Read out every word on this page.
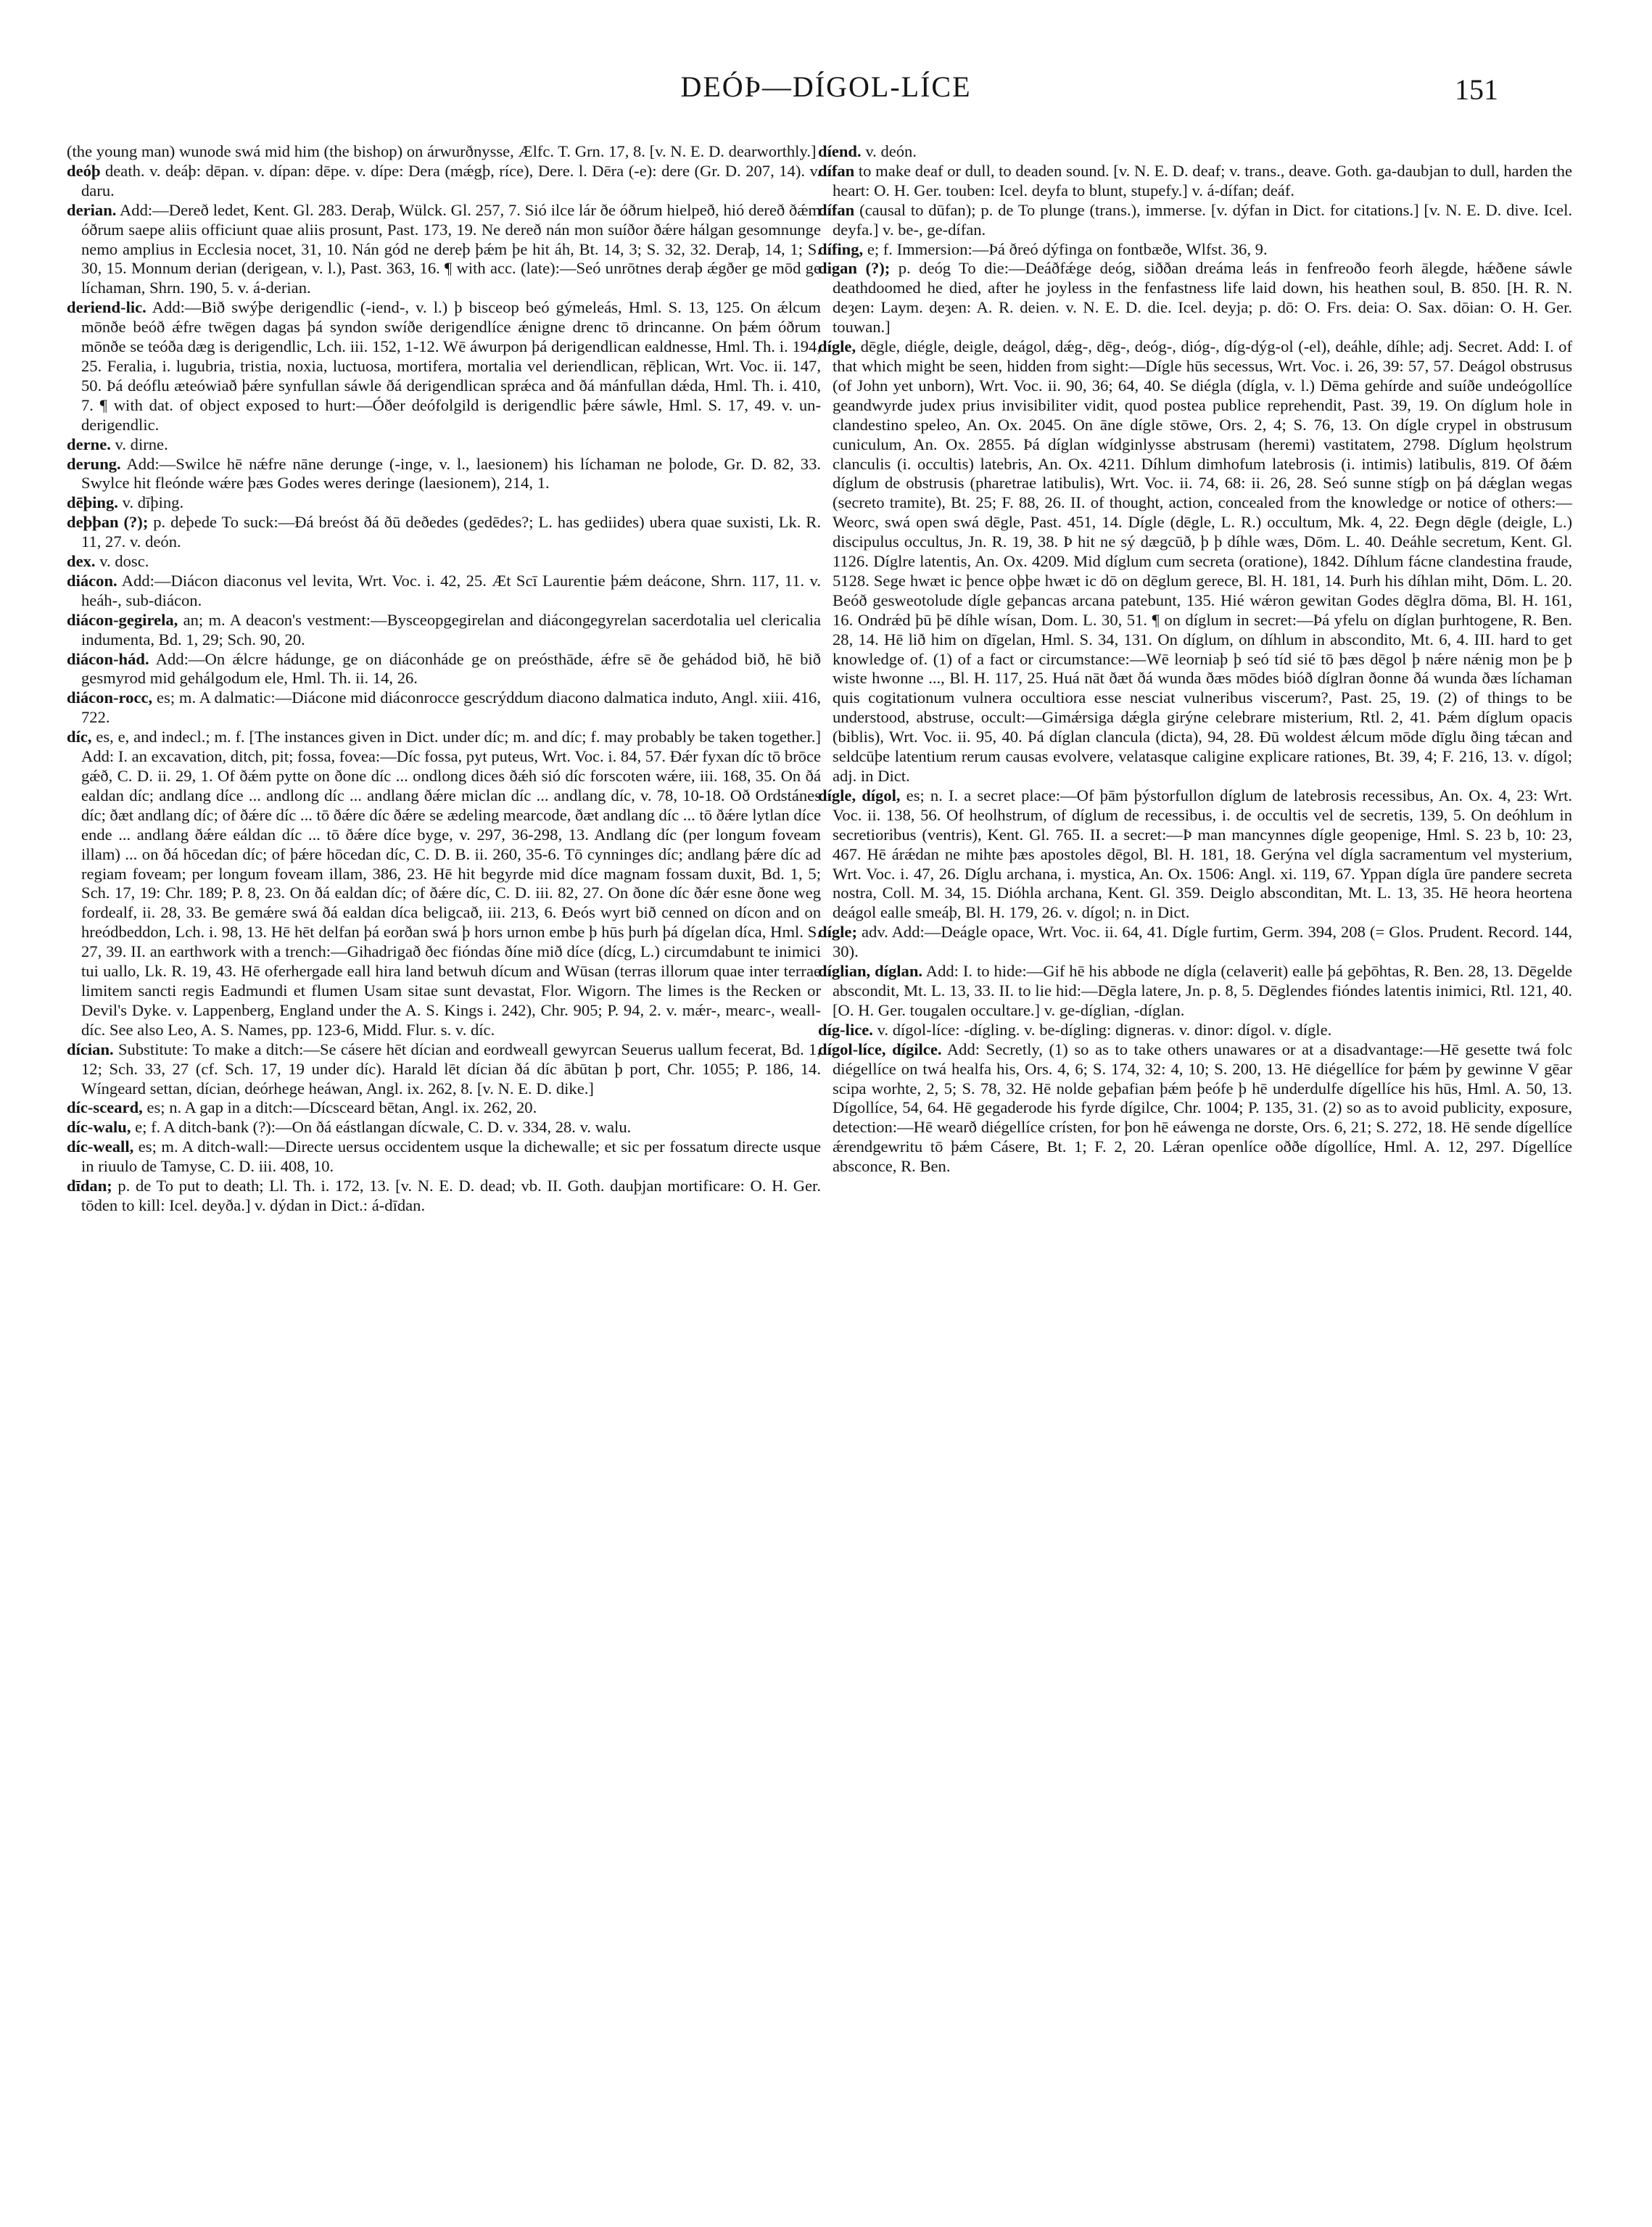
DEÓÞ—DÍGOL-LÍCE	151

(the young man) wunode swá mid him (the bishop) on árwurðnysse, Ælfc. T. Grn. 17, 8. [v. N. E. D. dearworthly.]

deóþ death. v. deáþ: dēpan. v. dípan: dēpe. v. dípe: Dera (mǽgþ, ríce), Dere. l. Dēra (-e): dere (Gr. D. 207, 14). v. daru.

derian. Add:—Dereð ledet, Kent. Gl. 283. Deraþ, Wülck. Gl. 257, 7. Sió ilce lár ðe óðrum hielpeð, hió dereð ðǽm óðrum saepe aliis officiunt quae aliis prosunt, Past. 173, 19. Ne dereð nán mon suíðor ðǽre hálgan gesomnunge nemo amplius in Ecclesia nocet, 31, 10. Nán gód ne dereþ þǽm þe hit áh, Bt. 14, 3; S. 32, 32. Deraþ, 14, 1; S. 30, 15. Monnum derian (derigean, v. l.), Past. 363, 16. ¶ with acc. (late):—Seó unrōtnes deraþ ǽgðer ge mōd ge líchaman, Shrn. 190, 5. v. á-derian.

deriend-lic. Add:—Bið swýþe derigendlic (-iend-, v. l.) þ bisceop beó gýmeleás, Hml. S. 13, 125. On ǽlcum mōnðe beóð ǽfre twēgen dagas þá syndon swíðe derigendlíce ǽnigne drenc tō drincanne. On þǽm óðrum mōnðe se teóða dæg is derigendlic, Lch. iii. 152, 1-12. Wē áwurpon þá derigendlican ealdnesse, Hml. Th. i. 194, 25. Feralia, i. lugubria, tristia, noxia, luctuosa, mortifera, mortalia vel deriendlican, rēþlican, Wrt. Voc. ii. 147, 50. Þá deóflu æteówiað þǽre synfullan sáwle ðá derigendlican sprǽca and ðá mánfullan dǽda, Hml. Th. i. 410, 7. ¶ with dat. of object exposed to hurt:—Óðer deófolgild is derigendlic þǽre sáwle, Hml. S. 17, 49. v. un-derigendlic.

derne. v. dirne.

derung. Add:—Swilce hē nǽfre nāne derunge (-inge, v. l., laesionem) his líchaman ne þolode, Gr. D. 82, 33. Swylce hit fleónde wǽre þæs Godes weres deringe (laesionem), 214, 1.

dēþing. v. dīþing.

deþþan (?); p. deþede To suck:—Ðá breóst ðá ðū deðedes (gedēdes?; L. has gediides) ubera quae suxisti, Lk. R. 11, 27. v. deón.

dex. v. dosc.

diácon. Add:—Diácon diaconus vel levita, Wrt. Voc. i. 42, 25. Æt Scī Laurentie þǽm deácone, Shrn. 117, 11. v. heáh-, sub-diácon.

diácon-gegirela, an; m. A deacon's vestment:—Bysceopgegirelan and diácongegyrelan sacerdotalia uel clericalia indumenta, Bd. 1, 29; Sch. 90, 20.

diácon-hád. Add:—On ǽlcre hádunge, ge on diáconháde ge on preósthāde, ǽfre sē ðe gehádod bið, hē bið gesmyrod mid gehálgodum ele, Hml. Th. ii. 14, 26.

diácon-rocc, es; m. A dalmatic:—Diácone mid diáconrocce gescrýddum diacono dalmatica induto, Angl. xiii. 416, 722.

díc, es, e, and indecl.; m. f. [The instances given in Dict. under díc; m. and díc; f. may probably be taken together.] Add: I. an excavation, ditch, pit; fossa, fovea:—Díc fossa, pyt puteus, Wrt. Voc. i. 84, 57. Ðǽr fyxan díc tō brōce gǽð, C. D. ii. 29, 1. Of ðǽm pytte on ðone díc ... ondlong dices ðǽh sió díc forscoten wǽre, iii. 168, 35. On ðá ealdan díc; andlang díce ... andlong díc ... andlang ðǽre miclan díc ... andlang díc, v. 78, 10-18. Oð Ordstánes díc; ðæt andlang díc; of ðǽre díc ... tō ðǽre díc ðǽre se ædeling mearcode, ðæt andlang díc ... tō ðǽre lytlan díce ende ... andlang ðǽre eáldan díc ... tō ðǽre díce byge, v. 297, 36-298, 13. Andlang díc (per longum foveam illam) ... on ðá hōcedan díc; of þǽre hōcedan díc, C. D. B. ii. 260, 35-6. Tō cynninges díc; andlang þǽre díc ad regiam foveam; per longum foveam illam, 386, 23. Hē hit begyrde mid díce magnam fossam duxit, Bd. 1, 5; Sch. 17, 19: Chr. 189; P. 8, 23. On ðá ealdan díc; of ðǽre díc, C. D. iii. 82, 27. On ðone díc ðǽr esne ðone weg fordealf, ii. 28, 33. Be gemǽre swá ðá ealdan díca beligcað, iii. 213, 6. Ðeós wyrt bið cenned on dícon and on hreódbeddon, Lch. i. 98, 13. Hē hēt delfan þá eorðan swá þ hors urnon embe þ hūs þurh þá dígelan díca, Hml. S. 27, 39. II. an earthwork with a trench:—Gihadrigað ðec fióndas ðíne mið díce (dícg, L.) circumdabunt te inimici tui uallo, Lk. R. 19, 43. Hē oferhergade eall hira land betwuh dícum and Wūsan (terras illorum quae inter terrae limitem sancti regis Eadmundi et flumen Usam sitae sunt devastat, Flor. Wigorn. The limes is the Recken or Devil's Dyke. v. Lappenberg, England under the A. S. Kings i. 242), Chr. 905; P. 94, 2. v. mǽr-, mearc-, weall-díc. See also Leo, A. S. Names, pp. 123-6, Midd. Flur. s. v. díc.

dícian. Substitute: To make a ditch:—Se cásere hēt dícian and eordweall gewyrcan Seuerus uallum fecerat, Bd. 1, 12; Sch. 33, 27 (cf. Sch. 17, 19 under díc). Harald lēt dícian ðá díc ābūtan þ port, Chr. 1055; P. 186, 14. Wíngeard settan, dícian, deórhege heáwan, Angl. ix. 262, 8. [v. N. E. D. dike.]

díc-sceard, es; n. A gap in a ditch:—Dícsceard bētan, Angl. ix. 262, 20.

díc-walu, e; f. A ditch-bank (?):—On ðá eástlangan dícwale, C. D. v. 334, 28. v. walu.

díc-weall, es; m. A ditch-wall:—Directe uersus occidentem usque la dichewalle; et sic per fossatum directe usque in riuulo de Tamyse, C. D. iii. 408, 10.

dīdan; p. de To put to death; Ll. Th. i. 172, 13. [v. N. E. D. dead; vb. II. Goth. dauþjan mortificare: O. H. Ger. tōden to kill: Icel. deyða.] v. dýdan in Dict.: á-dīdan.

díend. v. deón.

dífan to make deaf or dull, to deaden sound. [v. N. E. D. deaf; v. trans., deave. Goth. ga-daubjan to dull, harden the heart: O. H. Ger. touben: Icel. deyfa to blunt, stupefy.] v. á-dífan; deáf.

dífan (causal to dūfan); p. de To plunge (trans.), immerse. [v. dýfan in Dict. for citations.] [v. N. E. D. dive. Icel. deyfa.] v. be-, ge-dífan.

dífing, e; f. Immersion:—Þá ðreó dýfinga on fontbæðe, Wlfst. 36, 9.

digan (?); p. deóg To die:—Deáðfǽge deóg, siððan dreáma leás in fenfreoðo feorh ālegde, hǽðene sáwle deathdoomed he died, after he joyless in the fenfastness life laid down, his heathen soul, B. 850. [H. R. N. deȝen: Laym. deȝen: A. R. deien. v. N. E. D. die. Icel. deyja; p. dō: O. Frs. deia: O. Sax. dōian: O. H. Ger. touwan.]

dígle, dēgle, diégle, deigle, deágol, dǽg-, dēg-, deóg-, dióg-, díg-dýg-ol (-el), deáhle, díhle; adj. Secret. Add: I. of that which might be seen, hidden from sight:—Dígle hūs secessus, Wrt. Voc. i. 26, 39: 57, 57. Deágol obstrusus (of John yet unborn), Wrt. Voc. ii. 90, 36; 64, 40. Se diégla (dígla, v. l.) Dēma gehírde and suíðe undeógollíce geandwyrde judex prius invisibiliter vidit, quod postea publice reprehendit, Past. 39, 19. On díglum hole in clandestino speleo, An. Ox. 2045. On āne dígle stōwe, Ors. 2, 4; S. 76, 13. On dígle crypel in obstrusum cuniculum, An. Ox. 2855. Þá díglan wídginlysse abstrusam (heremi) vastitatem, 2798. Díglum hęolstrum clanculis (i. occultis) latebris, An. Ox. 4211. Díhlum dimhofum latebrosis (i. intimis) latibulis, 819. Of ðǽm díglum de obstrusis (pharetrae latibulis), Wrt. Voc. ii. 74, 68: ii. 26, 28. Seó sunne stígþ on þá dǽglan wegas (secreto tramite), Bt. 25; F. 88, 26. II. of thought, action, concealed from the knowledge or notice of others:—Weorc, swá open swá dēgle, Past. 451, 14. Dígle (dēgle, L. R.) occultum, Mk. 4, 22. Ðegn dēgle (deigle, L.) discipulus occultus, Jn. R. 19, 38. Þ hit ne sý dægcūð, þ þ díhle wæs, Dōm. L. 40. Deáhle secretum, Kent. Gl. 1126. Díglre latentis, An. Ox. 4209. Mid díglum cum secreta (oratione), 1842. Díhlum fácne clandestina fraude, 5128. Sege hwæt ic þence oþþe hwæt ic dō on dēglum gerece, Bl. H. 181, 14. Þurh his díhlan miht, Dōm. L. 20. Beóð gesweotolude dígle geþancas arcana patebunt, 135. Hié wǽron gewitan Godes dēglra dōma, Bl. H. 161, 16. Ondrǽd þū þē díhle wísan, Dom. L. 30, 51. ¶ on díglum in secret:—Þá yfelu on díglan þurhtogene, R. Ben. 28, 14. Hē lið him on dīgelan, Hml. S. 34, 131. On díglum, on díhlum in abscondito, Mt. 6, 4. III. hard to get knowledge of. (1) of a fact or circumstance:—Wē leorniaþ þ seó tíd sié tō þæs dēgol þ nǽre nǽnig mon þe þ wiste hwonne ..., Bl. H. 117, 25. Huá nāt ðæt ðá wunda ðæs mōdes bióð díglran ðonne ðá wunda ðæs líchaman quis cogitationum vulnera occultiora esse nesciat vulneribus viscerum?, Past. 25, 19. (2) of things to be understood, abstruse, occult:—Gimǽrsiga dǽgla girýne celebrare misterium, Rtl. 2, 41. Þǽm díglum opacis (biblis), Wrt. Voc. ii. 95, 40. Þá díglan clancula (dicta), 94, 28. Ðū woldest ǽlcum mōde dīglu ðing tǽcan and seldcūþe latentium rerum causas evolvere, velatasque caligine explicare rationes, Bt. 39, 4; F. 216, 13. v. dígol; adj. in Dict.

dígle, dígol, es; n. I. a secret place:—Of þām þýstorfullon díglum de latebrosis recessibus, An. Ox. 4, 23: Wrt. Voc. ii. 138, 56. Of heolhstrum, of díglum de recessibus, i. de occultis vel de secretis, 139, 5. On deóhlum in secretioribus (ventris), Kent. Gl. 765. II. a secret:—Þ man mancynnes dígle geopenige, Hml. S. 23 b, 10: 23, 467. Hē árǽdan ne mihte þæs apostoles dēgol, Bl. H. 181, 18. Gerýna vel dígla sacramentum vel mysterium, Wrt. Voc. i. 47, 26. Díglu archana, i. mystica, An. Ox. 1506: Angl. xi. 119, 67. Yppan dígla ūre pandere secreta nostra, Coll. M. 34, 15. Dióhla archana, Kent. Gl. 359. Deiglo absconditan, Mt. L. 13, 35. Hē heora heortena deágol ealle smeáþ, Bl. H. 179, 26. v. dígol; n. in Dict.

dígle; adv. Add:—Deágle opace, Wrt. Voc. ii. 64, 41. Dígle furtim, Germ. 394, 208 (= Glos. Prudent. Record. 144, 30).

díglian, díglan. Add: I. to hide:—Gif hē his abbode ne dígla (celaverit) ealle þá geþōhtas, R. Ben. 28, 13. Dēgelde abscondit, Mt. L. 13, 33. II. to lie hid:—Dēgla latere, Jn. p. 8, 5. Dēglendes fióndes latentis inimici, Rtl. 121, 40. [O. H. Ger. tougalen occultare.] v. ge-díglian, -díglan.

díg-lice. v. dígol-líce: -dígling. v. be-dígling: digneras. v. dinor: dígol. v. dígle.

dígol-líce, dígilce. Add: Secretly, (1) so as to take others unawares or at a disadvantage:—Hē gesette twá folc diégellíce on twá healfa his, Ors. 4, 6; S. 174, 32: 4, 10; S. 200, 13. Hē diégellíce for þǽm þy gewinne V gēar scipa worhte, 2, 5; S. 78, 32. Hē nolde geþafian þǽm þeófe þ hē underdulfe dígellíce his hūs, Hml. A. 50, 13. Dígollíce, 54, 64. Hē gegaderode his fyrde dígilce, Chr. 1004; P. 135, 31. (2) so as to avoid publicity, exposure, detection:—Hē wearð diégellíce crísten, for þon hē eáwenga ne dorste, Ors. 6, 21; S. 272, 18. Hē sende dígellíce ǽrendgewritu tō þǽm Cásere, Bt. 1; F. 2, 20. Lǽran openlíce oððe dígollíce, Hml. A. 12, 297. Dígellíce absconce, R. Ben.
